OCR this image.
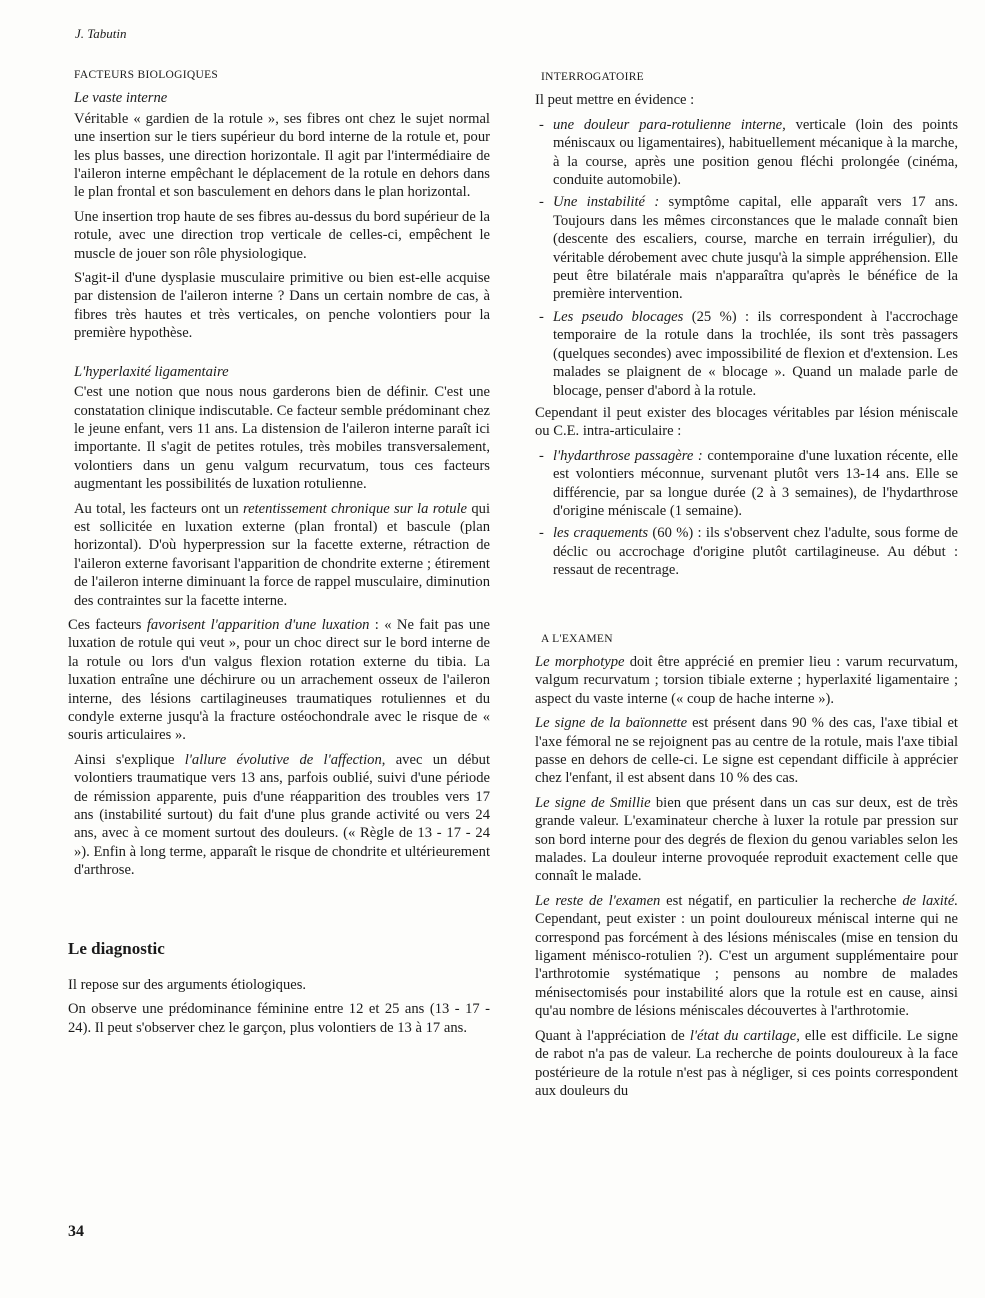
J. Tabutin
FACTEURS BIOLOGIQUES
Le vaste interne

Véritable « gardien de la rotule », ses fibres ont chez le sujet normal une insertion sur le tiers supérieur du bord interne de la rotule et, pour les plus basses, une direction horizontale. Il agit par l'intermédiaire de l'aileron interne empêchant le déplacement de la rotule en dehors dans le plan frontal et son basculement en dehors dans le plan horizontal.

Une insertion trop haute de ses fibres au-dessus du bord supérieur de la rotule, avec une direction trop verticale de celles-ci, empêchent le muscle de jouer son rôle physiologique.

S'agit-il d'une dysplasie musculaire primitive ou bien est-elle acquise par distension de l'aileron interne ? Dans un certain nombre de cas, à fibres très hautes et très verticales, on penche volontiers pour la première hypothèse.

L'hyperlaxité ligamentaire

C'est une notion que nous nous garderons bien de définir. C'est une constatation clinique indiscutable. Ce facteur semble prédominant chez le jeune enfant, vers 11 ans. La distension de l'aileron interne paraît ici importante. Il s'agit de petites rotules, très mobiles transversalement, volontiers dans un genu valgum recurvatum, tous ces facteurs augmentant les possibilités de luxation rotulienne.

Au total, les facteurs ont un retentissement chronique sur la rotule qui est sollicitée en luxation externe (plan frontal) et bascule (plan horizontal). D'où hyperpression sur la facette externe, rétraction de l'aileron externe favorisant l'apparition de chondrite externe ; étirement de l'aileron interne diminuant la force de rappel musculaire, diminution des contraintes sur la facette interne.

Ces facteurs favorisent l'apparition d'une luxation : « Ne fait pas une luxation de rotule qui veut », pour un choc direct sur le bord interne de la rotule ou lors d'un valgus flexion rotation externe du tibia. La luxation entraîne une déchirure ou un arrachement osseux de l'aileron interne, des lésions cartilagineuses traumatiques rotuliennes et du condyle externe jusqu'à la fracture ostéochondrale avec le risque de « souris articulaires ».

Ainsi s'explique l'allure évolutive de l'affection, avec un début volontiers traumatique vers 13 ans, parfois oublié, suivi d'une période de rémission apparente, puis d'une réapparition des troubles vers 17 ans (instabilité surtout) du fait d'une plus grande activité ou vers 24 ans, avec à ce moment surtout des douleurs. (« Règle de 13 - 17 - 24 »). Enfin à long terme, apparaît le risque de chondrite et ultérieurement d'arthrose.

Le diagnostic

Il repose sur des arguments étiologiques.

On observe une prédominance féminine entre 12 et 25 ans (13 - 17 - 24). Il peut s'observer chez le garçon, plus volontiers de 13 à 17 ans.

INTERROGATOIRE

Il peut mettre en évidence :

- une douleur para-rotulienne interne, verticale (loin des points méniscaux ou ligamentaires), habituellement mécanique à la marche, à la course, après une position genou fléchi prolongée (cinéma, conduite automobile).
- Une instabilité : symptôme capital, elle apparaît vers 17 ans. Toujours dans les mêmes circonstances que le malade connaît bien (descente des escaliers, course, marche en terrain irrégulier), du véritable dérobement avec chute jusqu'à la simple appréhension. Elle peut être bilatérale mais n'apparaîtra qu'après le bénéfice de la première intervention.
- Les pseudo blocages (25 %) : ils correspondent à l'accrochage temporaire de la rotule dans la trochlée, ils sont très passagers (quelques secondes) avec impossibilité de flexion et d'extension. Les malades se plaignent de « blocage ». Quand un malade parle de blocage, penser d'abord à la rotule.

Cependant il peut exister des blocages véritables par lésion méniscale ou C.E. intra-articulaire :

- l'hydarthrose passagère : contemporaine d'une luxation récente, elle est volontiers méconnue, survenant plutôt vers 13-14 ans. Elle se différencie, par sa longue durée (2 à 3 semaines), de l'hydarthrose d'origine méniscale (1 semaine).
- les craquements (60 %) : ils s'observent chez l'adulte, sous forme de déclic ou accrochage d'origine plutôt cartilagineuse. Au début : ressaut de recentrage.
A L'EXAMEN

Le morphotype doit être apprécié en premier lieu : varum recurvatum, valgum recurvatum ; torsion tibiale externe ; hyperlaxité ligamentaire ; aspect du vaste interne (« coup de hache interne »).

Le signe de la baïonnette est présent dans 90 % des cas, l'axe tibial et l'axe fémoral ne se rejoignent pas au centre de la rotule, mais l'axe tibial passe en dehors de celle-ci. Le signe est cependant difficile à apprécier chez l'enfant, il est absent dans 10 % des cas.

Le signe de Smillie bien que présent dans un cas sur deux, est de très grande valeur. L'examinateur cherche à luxer la rotule par pression sur son bord interne pour des degrés de flexion du genou variables selon les malades. La douleur interne provoquée reproduit exactement celle que connaît le malade.

Le reste de l'examen est négatif, en particulier la recherche de laxité. Cependant, peut exister : un point douloureux méniscal interne qui ne correspond pas forcément à des lésions méniscales (mise en tension du ligament ménisco-rotulien ?). C'est un argument supplémentaire pour l'arthrotomie systématique ; pensons au nombre de malades ménisectomisés pour instabilité alors que la rotule est en cause, ainsi qu'au nombre de lésions méniscales découvertes à l'arthrotomie.

Quant à l'appréciation de l'état du cartilage, elle est difficile. Le signe de rabot n'a pas de valeur. La recherche de points douloureux à la face postérieure de la rotule n'est pas à négliger, si ces points correspondent aux douleurs du

34
